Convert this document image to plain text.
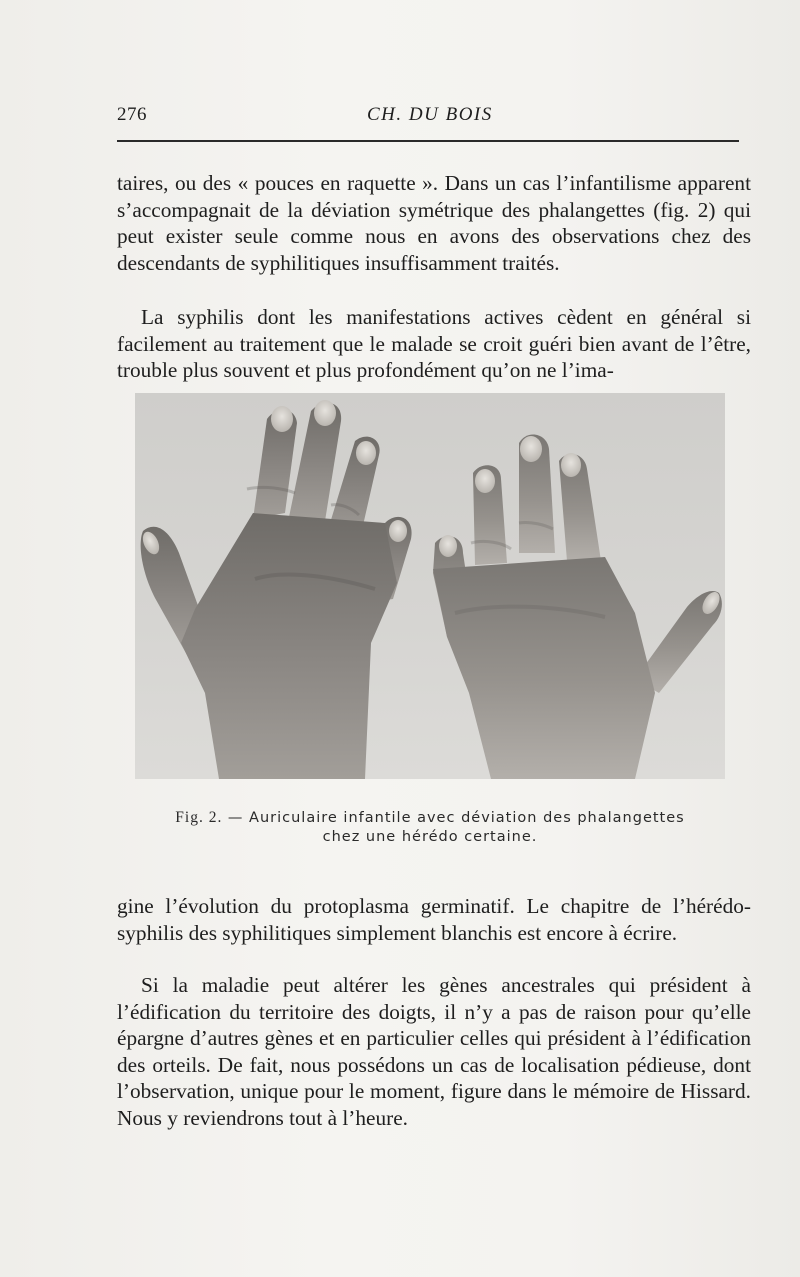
276	CH. DU BOIS

taires, ou des « pouces en raquette ». Dans un cas l’infantilisme apparent s’accompagnait de la déviation symétrique des phalangettes (fig. 2) qui peut exister seule comme nous en avons des observations chez des descendants de syphilitiques insuffisamment traités.

La syphilis dont les manifestations actives cèdent en général si facilement au traitement que le malade se croit guéri bien avant de l’être, trouble plus souvent et plus profondément qu’on ne l’ima-

Fig. 2. — Auriculaire infantile avec déviation des phalangettes
chez une hérédo certaine.

gine l’évolution du protoplasma germinatif. Le chapitre de l’hérédo-syphilis des syphilitiques simplement blanchis est encore à écrire.

Si la maladie peut altérer les gènes ancestrales qui président à l’édification du territoire des doigts, il n’y a pas de raison pour qu’elle épargne d’autres gènes et en particulier celles qui président à l’édification des orteils. De fait, nous possédons un cas de localisation pédieuse, dont l’observation, unique pour le moment, figure dans le mémoire de Hissard. Nous y reviendrons tout à l’heure.
